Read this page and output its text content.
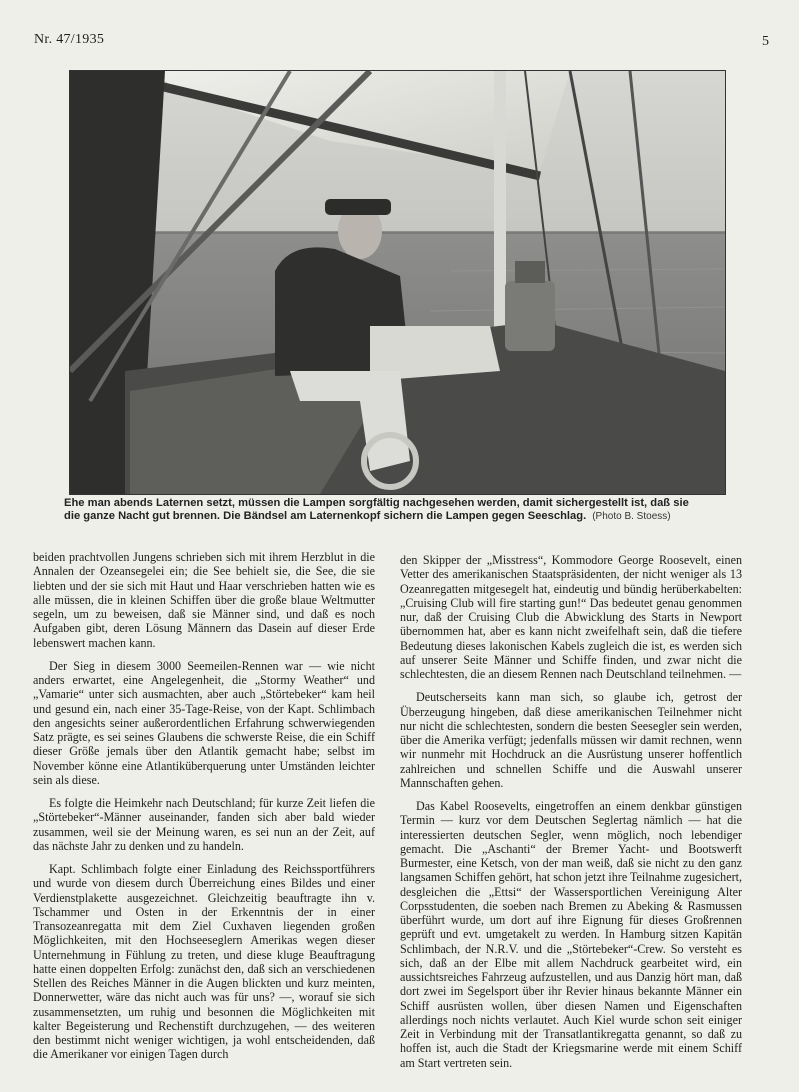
Nr. 47/1935	5
Ehe man abends Laternen setzt, müssen die Lampen sorgfältig nachgesehen werden, damit sichergestellt ist, daß sie
die ganze Nacht gut brennen. Die Bändsel am Laternenkopf sichern die Lampen gegen Seeschlag. (Photo B. Stoess)

beiden prachtvollen Jungens schrieben sich mit ihrem Herzblut in die Annalen der Ozeansegelei ein; die See behielt sie, die See, die sie liebten und der sie sich mit Haut und Haar verschrieben hatten wie es alle müssen, die in kleinen Schiffen über die große blaue Weltmutter segeln, um zu beweisen, daß sie Männer sind, und daß es noch Aufgaben gibt, deren Lösung Männern das Dasein auf dieser Erde lebenswert machen kann.

Der Sieg in diesem 3000 Seemeilen-Rennen war — wie nicht anders erwartet, eine Angelegenheit, die „Stormy Weather“ und „Vamarie“ unter sich ausmachten, aber auch „Störtebeker“ kam heil und gesund ein, nach einer 35-Tage-Reise, von der Kapt. Schlimbach den angesichts seiner außerordentlichen Erfahrung schwerwiegenden Satz prägte, es sei seines Glaubens die schwerste Reise, die ein Schiff dieser Größe jemals über den Atlantik gemacht habe; selbst im November könne eine Atlantiküberquerung unter Umständen leichter sein als diese.

Es folgte die Heimkehr nach Deutschland; für kurze Zeit liefen die „Störtebeker“-Männer auseinander, fanden sich aber bald wieder zusammen, weil sie der Meinung waren, es sei nun an der Zeit, auf das nächste Jahr zu denken und zu handeln.

Kapt. Schlimbach folgte einer Einladung des Reichssportführers und wurde von diesem durch Überreichung eines Bildes und einer Verdienstplakette ausgezeichnet. Gleichzeitig beauftragte ihn v. Tschammer und Osten in der Erkenntnis der in einer Transozeanregatta mit dem Ziel Cuxhaven liegenden großen Möglichkeiten, mit den Hochseeseglern Amerikas wegen dieser Unternehmung in Fühlung zu treten, und diese kluge Beauftragung hatte einen doppelten Erfolg: zunächst den, daß sich an verschiedenen Stellen des Reiches Männer in die Augen blickten und kurz meinten, Donnerwetter, wäre das nicht auch was für uns? —, worauf sie sich zusammensetzten, um ruhig und besonnen die Möglichkeiten mit kalter Begeisterung und Rechenstift durchzugehen, — des weiteren den bestimmt nicht weniger wichtigen, ja wohl entscheidenden, daß die Amerikaner vor einigen Tagen durch

den Skipper der „Misstress“, Kommodore George Roosevelt, einen Vetter des amerikanischen Staatspräsidenten, der nicht weniger als 13 Ozeanregatten mitgesegelt hat, eindeutig und bündig herüberkabelten: „Cruising Club will fire starting gun!“ Das bedeutet genau genommen nur, daß der Cruising Club die Abwicklung des Starts in Newport übernommen hat, aber es kann nicht zweifelhaft sein, daß die tiefere Bedeutung dieses lakonischen Kabels zugleich die ist, es werden sich auf unserer Seite Männer und Schiffe finden, und zwar nicht die schlechtesten, die an diesem Rennen nach Deutschland teilnehmen. —

Deutscherseits kann man sich, so glaube ich, getrost der Überzeugung hingeben, daß diese amerikanischen Teilnehmer nicht nur nicht die schlechtesten, sondern die besten Seesegler sein werden, über die Amerika verfügt; jedenfalls müssen wir damit rechnen, wenn wir nunmehr mit Hochdruck an die Ausrüstung unserer hoffentlich zahlreichen und schnellen Schiffe und die Auswahl unserer Mannschaften gehen.

Das Kabel Roosevelts, eingetroffen an einem denkbar günstigen Termin — kurz vor dem Deutschen Seglertag nämlich — hat die interessierten deutschen Segler, wenn möglich, noch lebendiger gemacht. Die „Aschanti“ der Bremer Yacht- und Bootswerft Burmester, eine Ketsch, von der man weiß, daß sie nicht zu den ganz langsamen Schiffen gehört, hat schon jetzt ihre Teilnahme zugesichert, desgleichen die „Ettsi“ der Wassersportlichen Vereinigung Alter Corpsstudenten, die soeben nach Bremen zu Abeking & Rasmussen überführt wurde, um dort auf ihre Eignung für dieses Großrennen geprüft und evt. umgetakelt zu werden. In Hamburg sitzen Kapitän Schlimbach, der N.R.V. und die „Störtebeker“-Crew. So versteht es sich, daß an der Elbe mit allem Nachdruck gearbeitet wird, ein aussichtsreiches Fahrzeug aufzustellen, und aus Danzig hört man, daß dort zwei im Segelsport über ihr Revier hinaus bekannte Männer ein Schiff ausrüsten wollen, über diesen Namen und Eigenschaften allerdings noch nichts verlautet. Auch Kiel wurde schon seit einiger Zeit in Verbindung mit der Transatlantikregatta genannt, so daß zu hoffen ist, auch die Stadt der Kriegsmarine werde mit einem Schiff am Start vertreten sein.
